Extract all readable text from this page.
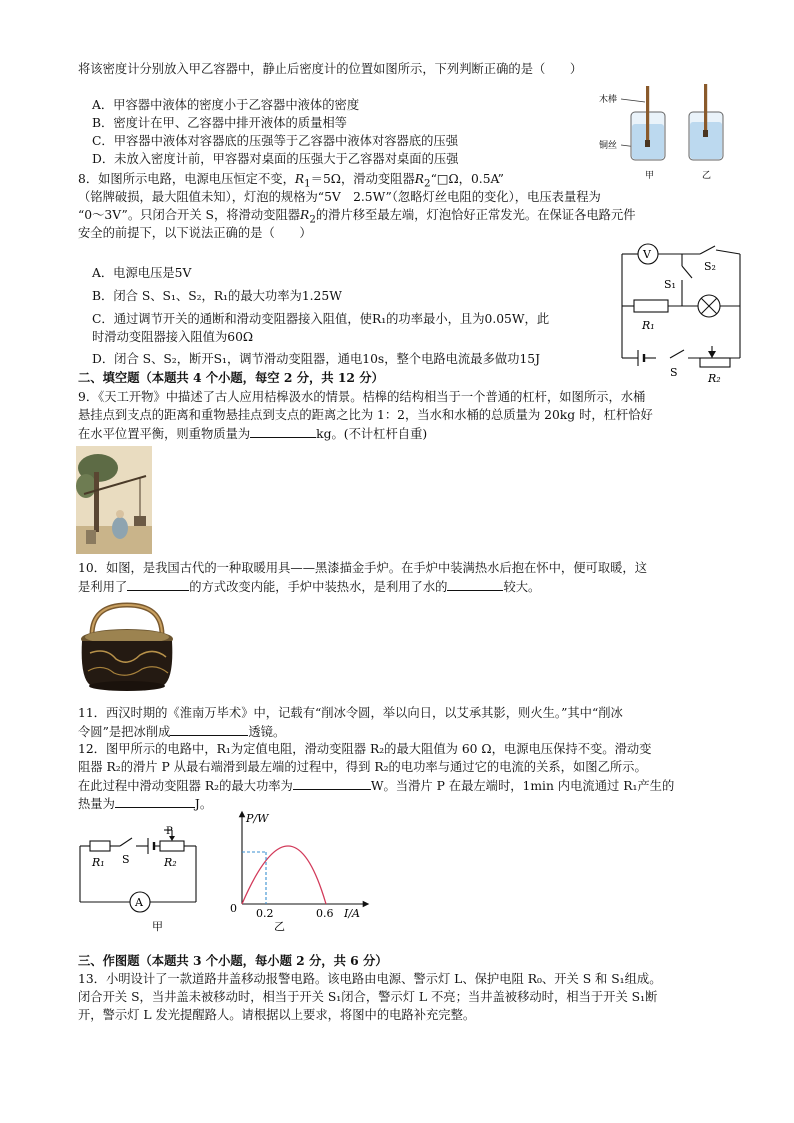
将该密度计分别放入甲乙容器中，静止后密度计的位置如图所示，下列判断正确的是（　　）
A．甲容器中液体的密度小于乙容器中液体的密度
B．密度计在甲、乙容器中排开液体的质量相等
C．甲容器中液体对容器底的压强等于乙容器中液体对容器底的压强
D．未放入密度计前，甲容器对桌面的压强大于乙容器对桌面的压强
木棒
铜丝
甲	乙
8．如图所示电路，电源电压恒定不变，$R_1=5\Omega$，滑动变阻器$R_2“□\Omega$，0.5A”
（铭牌破损，最大阻值未知），灯泡的规格为“5V　2.5W”（忽略灯丝电阻的变化），电压表量程为
“0～3V”。只闭合开关 S，将滑动变阻器$R_2$的滑片移至最左端，灯泡恰好正常发光。在保证各电路元件
安全的前提下，以下说法正确的是（　　）
A．电源电压是5V
B．闭合 S、S₁、S₂，R₁的最大功率为1.25W
C．通过调节开关的通断和滑动变阻器接入阻值，使R₁的功率最小，且为0.05W，此
时滑动变阻器接入阻值为60Ω
D．闭合 S、S₂，断开S₁，调节滑动变阻器，通电10s，整个电路电流最多做功15J
V
S₂
S₁
R₁
S	R₂
二、填空题（本题共 4 个小题，每空 2 分，共 12 分）
9．《天工开物》中描述了古人应用桔槔汲水的情景。桔槔的结构相当于一个普通的杠杆，如图所示，水桶
悬挂点到支点的距离和重物悬挂点到支点的距离之比为 1：2，当水和水桶的总质量为 20kg 时，杠杆恰好
在水平位置平衡，则重物质量为	kg。(不计杠杆自重)
10．如图，是我国古代的一种取暖用具——黑漆描金手炉。在手炉中装满热水后抱在怀中，便可取暖，这
是利用了	的方式改变内能，手炉中装热水，是利用了水的	较大。
11．西汉时期的《淮南万毕术》中，记载有“削冰令圆，举以向日，以艾承其影，则火生。”其中“削冰
令圆”是把冰削成	透镜。
12．图甲所示的电路中，R₁为定值电阻，滑动变阻器 R₂的最大阻值为 60 Ω，电源电压保持不变。滑动变
阻器 R₂的滑片 P 从最右端滑到最左端的过程中，得到 R₂的电功率与通过它的电流的关系，如图乙所示。
在此过程中滑动变阻器 R₂的最大功率为	W。当滑片 P 在最左端时，1min 内电流通过 R₁产生的
热量为	J。
A
R₁ S
P
R₂
甲
P/W
0 0.2	0.6 I/A
乙
三、作图题（本题共 3 个小题，每小题 2 分，共 6 分）
13．小明设计了一款道路井盖移动报警电路。该电路由电源、警示灯 L、保护电阻 R₀、开关 S 和 S₁组成。
闭合开关 S，当井盖未被移动时，相当于开关 S₁闭合，警示灯 L 不亮；当井盖被移动时，相当于开关 S₁断
开，警示灯 L 发光提醒路人。请根据以上要求，将图中的电路补充完整。
